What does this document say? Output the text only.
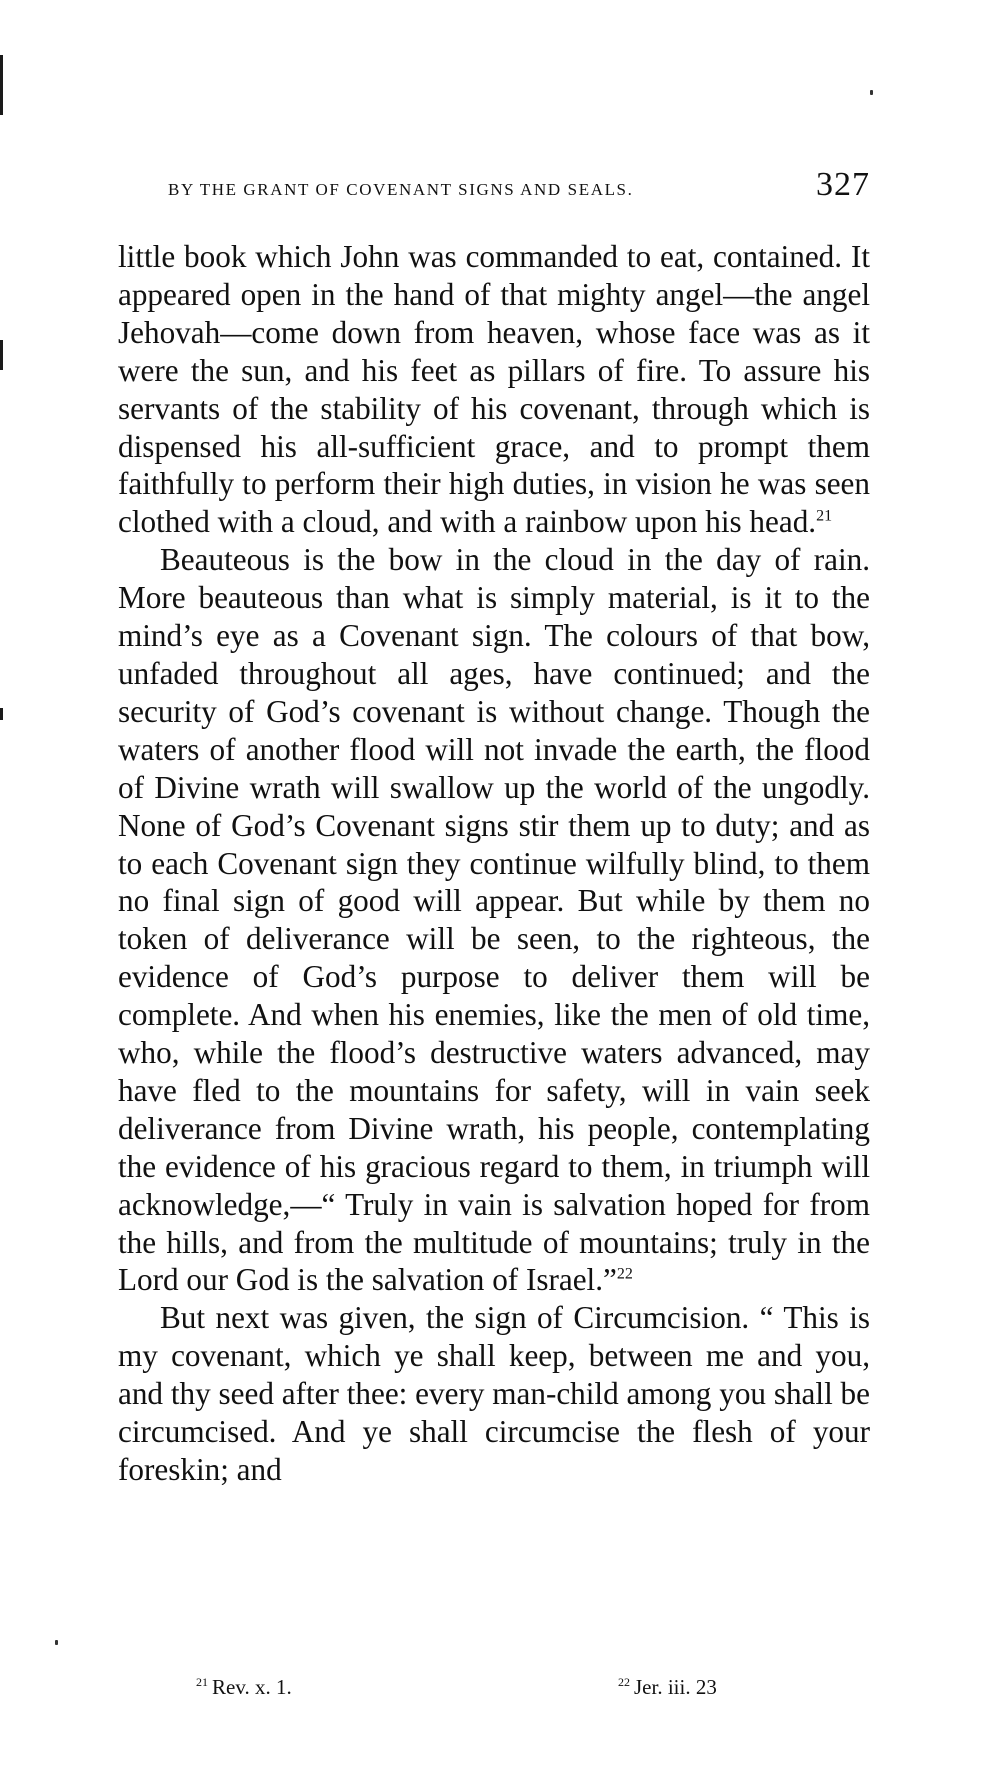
BY THE GRANT OF COVENANT SIGNS AND SEALS.	327

little book which John was commanded to eat, contained. It appeared open in the hand of that mighty angel—the angel Jehovah—come down from heaven, whose face was as it were the sun, and his feet as pillars of fire. To assure his servants of the stability of his covenant, through which is dispensed his all-sufficient grace, and to prompt them faithfully to perform their high duties, in vision he was seen clothed with a cloud, and with a rainbow upon his head.$^{21}$

Beauteous is the bow in the cloud in the day of rain. More beauteous than what is simply material, is it to the mind’s eye as a Covenant sign. The colours of that bow, unfaded throughout all ages, have continued; and the security of God’s covenant is without change. Though the waters of another flood will not invade the earth, the flood of Divine wrath will swallow up the world of the ungodly. None of God’s Covenant signs stir them up to duty; and as to each Covenant sign they continue wilfully blind, to them no final sign of good will appear. But while by them no token of deliverance will be seen, to the righteous, the evidence of God’s purpose to deliver them will be complete. And when his enemies, like the men of old time, who, while the flood’s destructive waters advanced, may have fled to the mountains for safety, will in vain seek deliverance from Divine wrath, his people, contemplating the evidence of his gracious regard to them, in triumph will acknowledge,—“ Truly in vain is salvation hoped for from the hills, and from the multitude of mountains; truly in the Lord our God is the salvation of Israel.”$^{22}$

But next was given, the sign of Circumcision. “ This is my covenant, which ye shall keep, between me and you, and thy seed after thee: every man-child among you shall be circumcised. And ye shall circumcise the flesh of your foreskin; and

$^{21}$ Rev. x. 1.	$^{22}$ Jer. iii. 23
